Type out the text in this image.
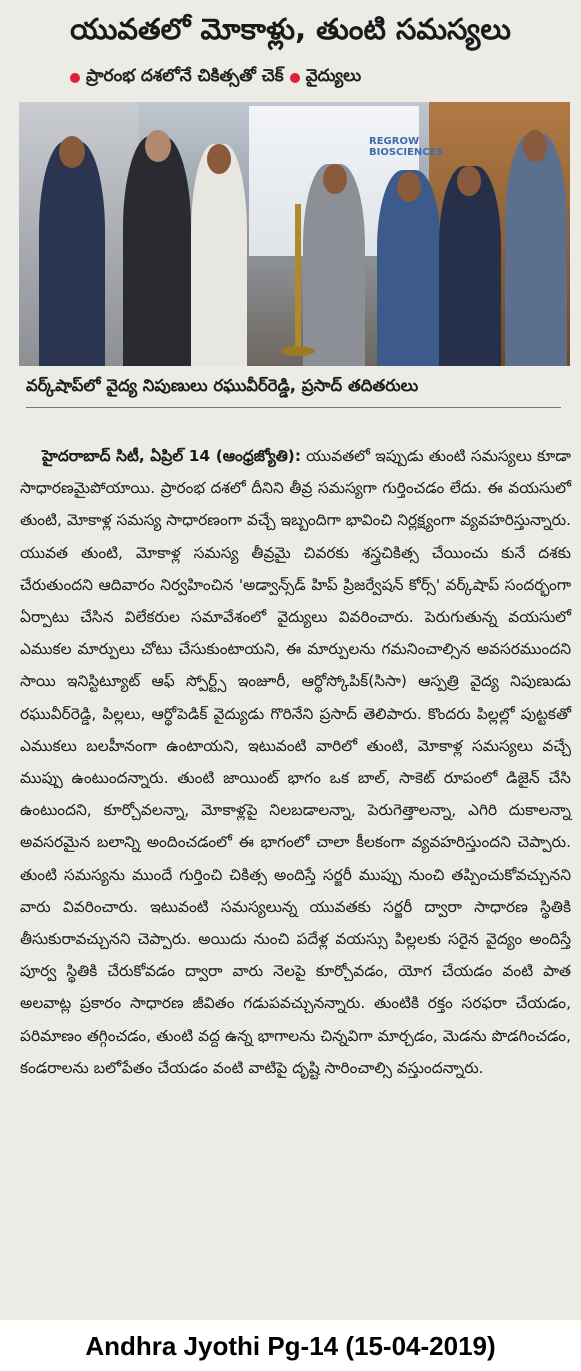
యువతలో మోకాళ్లు, తుంటి సమస్యలు
ప్రారంభ దశలోనే చికిత్సతో చెక్ వైద్యులు
REGROW BIOSCIENCES
వర్క్‌షాప్‌లో వైద్య నిపుణులు రఘువీర్‌రెడ్డి, ప్రసాద్ తదితరులు

హైదరాబాద్ సిటీ, ఏప్రిల్ 14 (ఆంధ్రజ్యోతి): యువతలో ఇప్పుడు తుంటి సమస్యలు కూడా సాధారణమైపోయాయి. ప్రారంభ దశలో దీనిని తీవ్ర సమస్యగా గుర్తించడం లేదు. ఈ వయసులో తుంటి, మోకాళ్ల సమస్య సాధారణంగా వచ్చే ఇబ్బందిగా భావించి నిర్లక్ష్యంగా వ్యవహరిస్తున్నారు. యువత తుంటి, మోకాళ్ల సమస్య తీవ్రమై చివరకు శస్త్రచికిత్స చేయించు కునే దశకు చేరుతుందని ఆదివారం నిర్వహించిన 'అడ్వాన్స్‌డ్ హిప్ ప్రిజర్వేషన్ కోర్స్' వర్క్‌షాప్ సందర్భంగా ఏర్పాటు చేసిన విలేకరుల సమావేశంలో వైద్యులు వివరించారు. పెరుగుతున్న వయసులో ఎముకల మార్పులు చోటు చేసుకుంటాయని, ఈ మార్పులను గమనించాల్సిన అవసరముందని సాయి ఇనిస్టిట్యూట్ ఆఫ్ స్పోర్ట్స్ ఇంజూరీ, ఆర్థోస్కోపిక్(సిసా) ఆస్పత్రి వైద్య నిపుణుడు రఘువీర్‌రెడ్డి, పిల్లలు, ఆర్థోపెడిక్ వైద్యుడు గొరినేని ప్రసాద్ తెలిపారు. కొందరు పిల్లల్లో పుట్టకతో ఎముకలు బలహీనంగా ఉంటాయని, ఇటువంటి వారిలో తుంటి, మోకాళ్ల సమస్యలు వచ్చే ముప్పు ఉంటుందన్నారు. తుంటి జాయింట్ భాగం ఒక బాల్, సాకెట్ రూపంలో డిజైన్ చేసి ఉంటుందని, కూర్చోవలన్నా, మోకాళ్లపై నిలబడాలన్నా, పెరుగెత్తాలన్నా, ఎగిరి దుకాలన్నా అవసరమైన బలాన్ని అందించడంలో ఈ భాగంలో చాలా కీలకంగా వ్యవహరిస్తుందని చెప్పారు. తుంటి సమస్యను ముందే గుర్తించి చికిత్స అందిస్తే సర్జరీ ముప్పు నుంచి తప్పించుకోవచ్చునని వారు వివరించారు. ఇటువంటి సమస్యలున్న యువతకు సర్జరీ ద్వారా సాధారణ స్థితికి తీసుకురావచ్చునని చెప్పారు. అయిదు నుంచి పదేళ్ల వయస్సు పిల్లలకు సరైన వైద్యం అందిస్తే పూర్వ స్థితికి చేరుకోవడం ద్వారా వారు నెలపై కూర్చోవడం, యోగ చేయడం వంటి పాత అలవాట్ల ప్రకారం సాధారణ జీవితం గడుపవచ్చునన్నారు. తుంటికి రక్తం సరఫరా చేయడం, పరిమాణం తగ్గించడం, తుంటి వద్ద ఉన్న భాగాలను చిన్నవిగా మార్చడం, మెడను పొడగించడం, కండరాలను బలోపేతం చేయడం వంటి వాటిపై దృష్టి సారించాల్సి వస్తుందన్నారు.

Andhra Jyothi Pg-14 (15-04-2019)
